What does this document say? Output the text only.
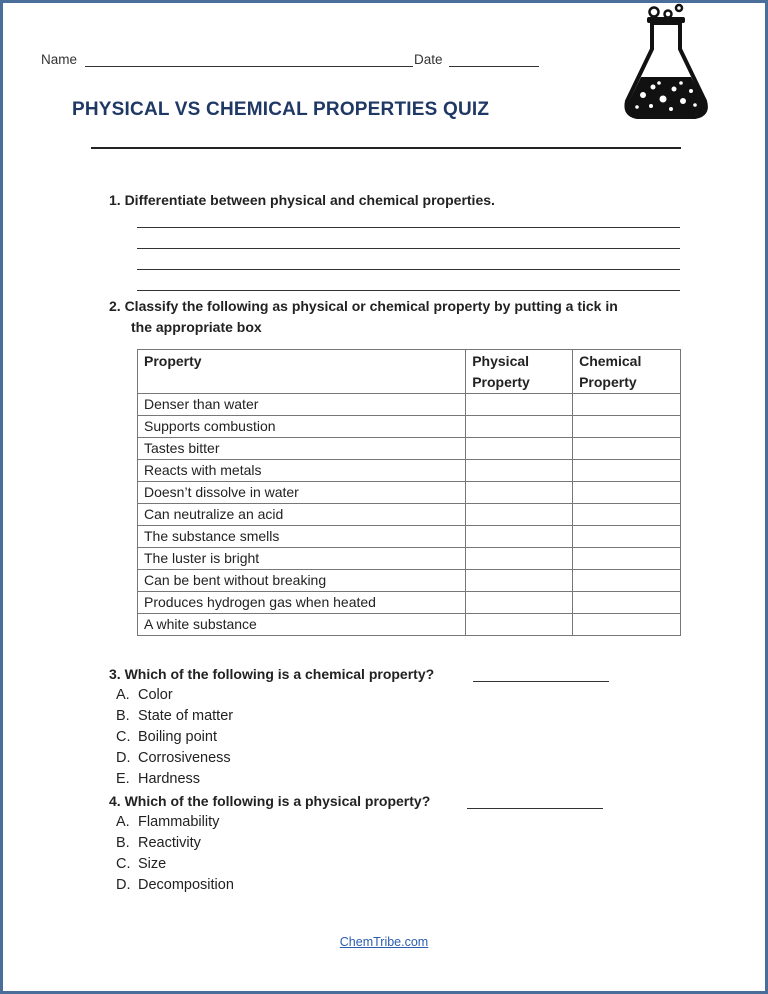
Name	Date
PHYSICAL VS CHEMICAL PROPERTIES QUIZ
1. Differentiate between physical and chemical properties.
2. Classify the following as physical or chemical property by putting a tick in
the appropriate box
Property	Physical Property	Chemical Property
Denser than water		
Supports combustion		
Tastes bitter		
Reacts with metals		
Doesn’t dissolve in water		
Can neutralize an acid		
The substance smells		
The luster is bright		
Can be bent without breaking		
Produces hydrogen gas when heated		
A white substance		
3. Which of the following is a chemical property?
A. Color
B. State of matter
C. Boiling point
D. Corrosiveness
E. Hardness
4. Which of the following is a physical property?
A. Flammability
B. Reactivity
C. Size
D. Decomposition
ChemTribe.com
